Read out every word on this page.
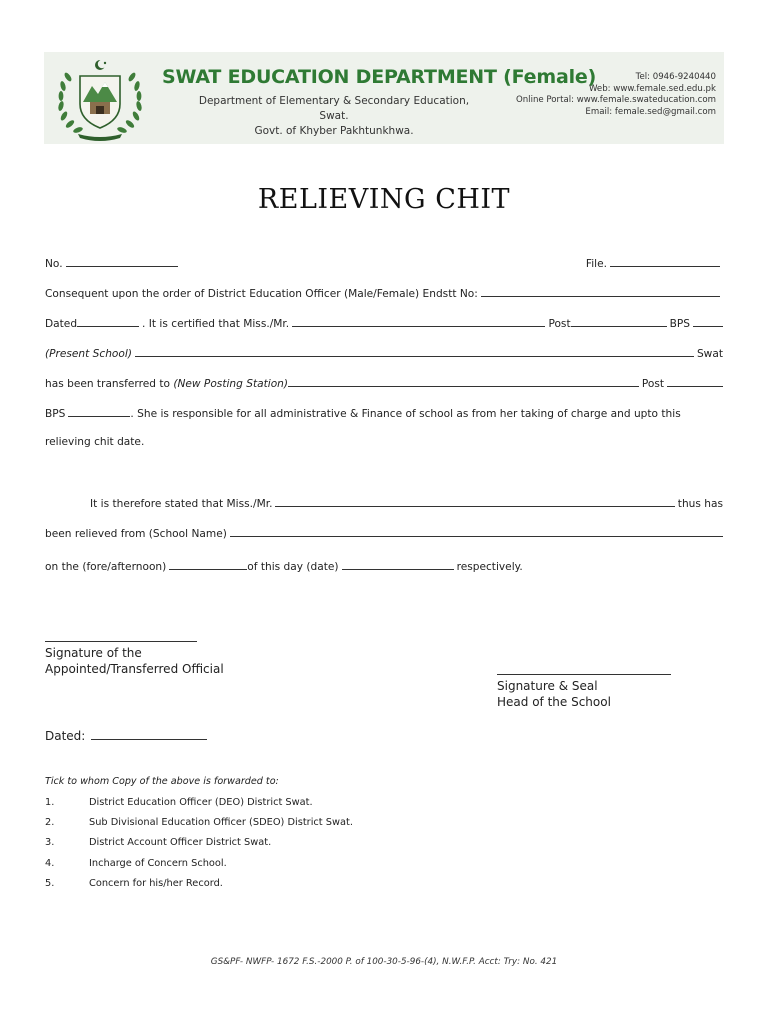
SWAT EDUCATION DEPARTMENT (Female)
Department of Elementary & Secondary Education, Swat.
Govt. of Khyber Pakhtunkhwa.
Tel: 0946-9240440
Web: www.female.sed.edu.pk
Online Portal: www.female.swateducation.com
Email: female.sed@gmail.com
RELIEVING CHIT
No.	File.
Consequent upon the order of District Education Officer (Male/Female) Endstt No:
Dated	. It is certified that Miss./Mr.	Post	BPS
(Present School)	Swat
has been transferred to
(New Posting Station)	Post
BPS	. She is responsible for all administrative & Finance of school as from her taking of charge and upto this
relieving chit date.
It is therefore stated that Miss./Mr.	thus has
been relieved from (School Name)
on the (fore/afternoon)	of this day (date)	respectively.
Signature of the
Appointed/Transferred Official
Signature & Seal
Head of the School
Dated:
Tick to whom Copy of the above is forwarded to:
1.	District Education Officer (DEO) District Swat.
2.	Sub Divisional Education Officer (SDEO) District Swat.
3.	District Account Officer District Swat.
4.	Incharge of Concern School.
5.	Concern for his/her Record.
GS&PF- NWFP- 1672 F.S.-2000 P. of 100-30-5-96-(4), N.W.F.P. Acct: Try: No. 421
